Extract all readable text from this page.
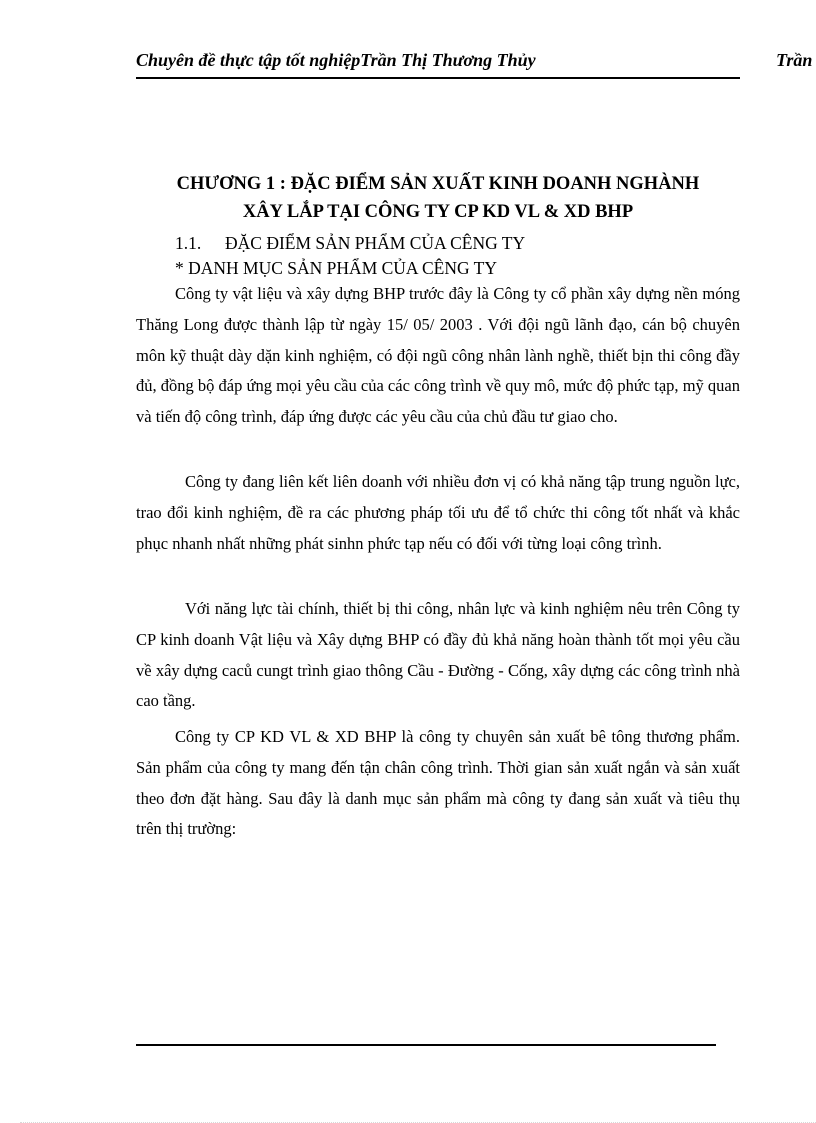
Chuyên đề thực tập tốt nghiệpTrần Thị Thương Thủy	Trần
CHƯƠNG 1 : ĐẶC ĐIỂM SẢN XUẤT KINH DOANH NGHÀNH
XÂY LẮP TẠI CÔNG TY CP KD VL & XD BHP
1.1. ĐẶC ĐIỂM SẢN PHẨM CỦA CÊNG TY
* DANH MỤC SẢN PHẨM CỦA CÊNG TY

Công ty vật liệu và xây dựng BHP trước đây là Công ty cổ phần xây dựng nền móng Thăng Long được thành lập từ ngày 15/ 05/ 2003 . Với đội ngũ lãnh đạo, cán bộ chuyên môn kỹ thuật dày dặn kinh nghiệm, có đội ngũ công nhân lành nghề, thiết bịn thi công đầy đủ, đồng bộ đáp ứng mọi yêu cầu của các công trình về quy mô, mức độ phức tạp, mỹ quan và tiến độ công trình, đáp ứng được các yêu cầu của chủ đầu tư giao cho.

Công ty đang liên kết liên doanh với nhiều đơn vị có khả năng tập trung nguồn lực, trao đổi kinh nghiệm, đề ra các phương pháp tối ưu để tổ chức thi công tốt nhất và khắc phục nhanh nhất những phát sinhn phức tạp nếu có đối với từng loại công trình.

Với năng lực tài chính, thiết bị thi công, nhân lực và kinh nghiệm nêu trên Công ty CP kinh doanh Vật liệu và Xây dựng BHP có đầy đủ khả năng hoàn thành tốt mọi yêu cầu về xây dựng caců cungt trình giao thông Cầu - Đường - Cống, xây dựng các công trình nhà cao tầng.

Công ty CP KD VL & XD BHP là công ty chuyên sản xuất bê tông thương phẩm. Sản phẩm của công ty mang đến tận chân công trình. Thời gian sản xuất ngắn và sản xuất theo đơn đặt hàng. Sau đây là danh mục sản phẩm mà công ty đang sản xuất và tiêu thụ trên thị trường:
